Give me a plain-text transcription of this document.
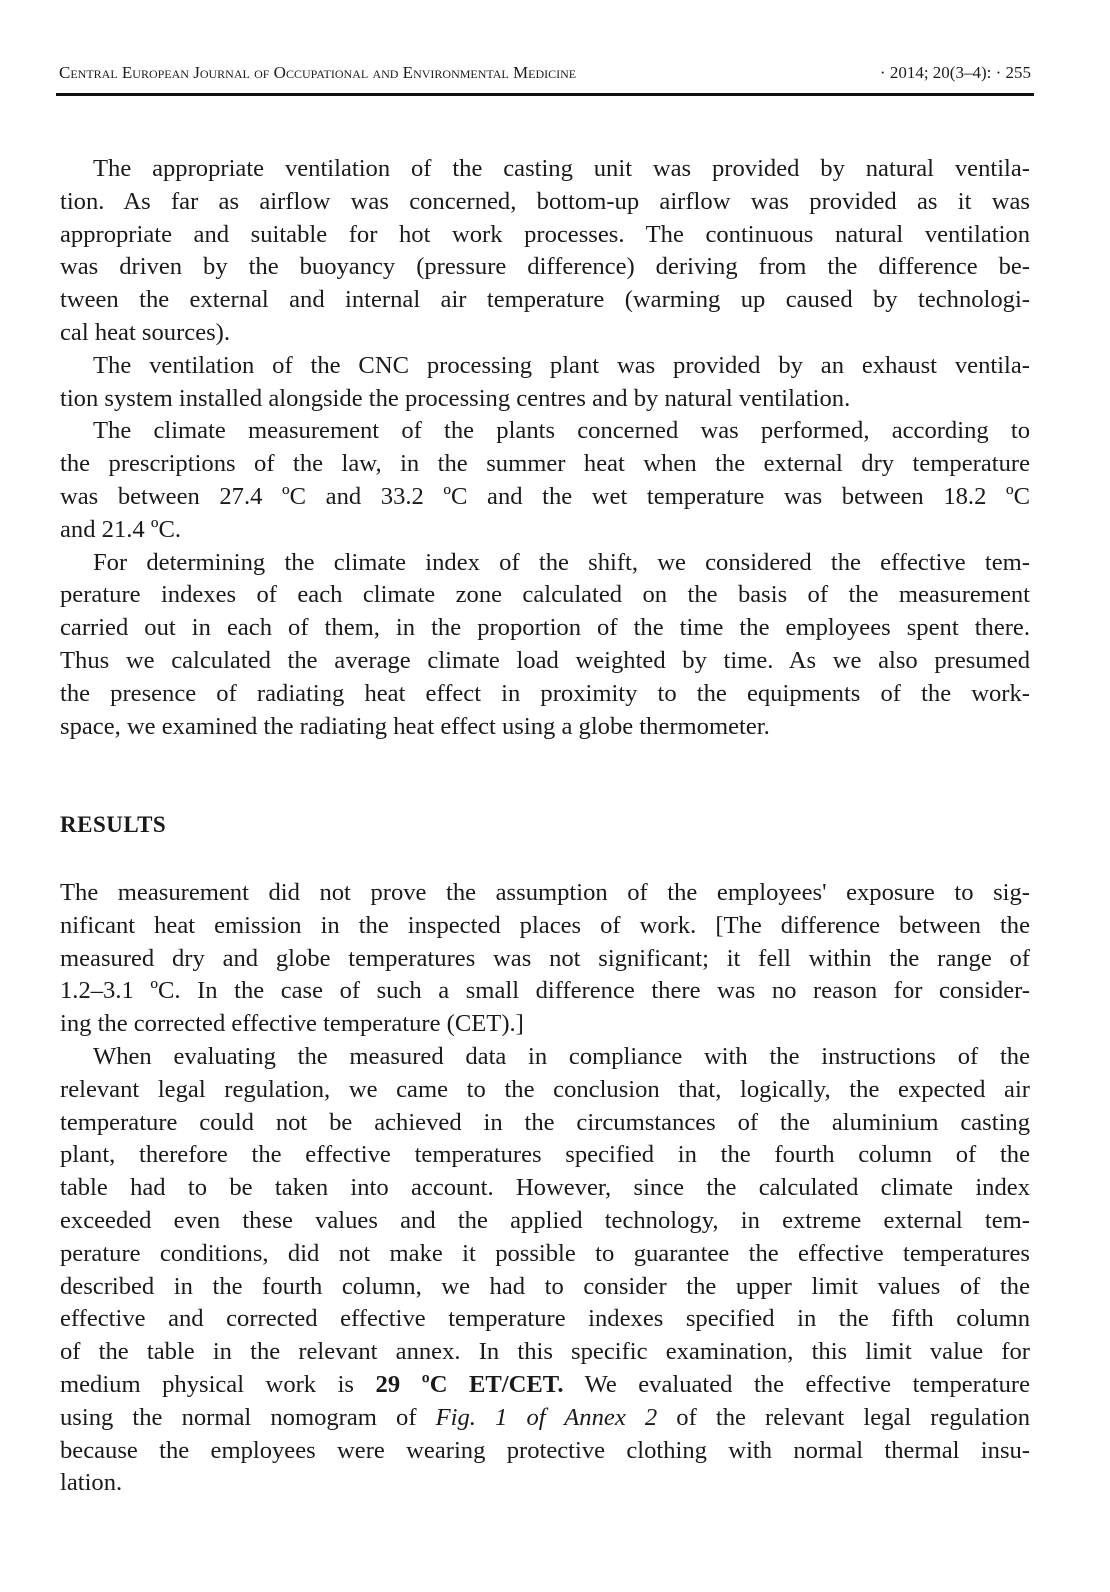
Central European Journal of Occupational and Environmental Medicine	· 2014; 20(3–4): · 255
The appropriate ventilation of the casting unit was provided by natural ventila-
tion. As far as airflow was concerned, bottom-up airflow was provided as it was
appropriate and suitable for hot work processes. The continuous natural ventilation
was driven by the buoyancy (pressure difference) deriving from the difference be-
tween the external and internal air temperature (warming up caused by technologi-
cal heat sources).
The ventilation of the CNC processing plant was provided by an exhaust ventila-
tion system installed alongside the processing centres and by natural ventilation.
The climate measurement of the plants concerned was performed, according to
the prescriptions of the law, in the summer heat when the external dry temperature
was between 27.4 ºC and 33.2 ºC and the wet temperature was between 18.2 ºC
and 21.4 ºC.
For determining the climate index of the shift, we considered the effective tem-
perature indexes of each climate zone calculated on the basis of the measurement
carried out in each of them, in the proportion of the time the employees spent there.
Thus we calculated the average climate load weighted by time. As we also presumed
the presence of radiating heat effect in proximity to the equipments of the work-
space, we examined the radiating heat effect using a globe thermometer.
RESULTS
The measurement did not prove the assumption of the employees' exposure to sig-
nificant heat emission in the inspected places of work. [The difference between the
measured dry and globe temperatures was not significant; it fell within the range of
1.2–3.1 ºC. In the case of such a small difference there was no reason for consider-
ing the corrected effective temperature (CET).]
When evaluating the measured data in compliance with the instructions of the
relevant legal regulation, we came to the conclusion that, logically, the expected air
temperature could not be achieved in the circumstances of the aluminium casting
plant, therefore the effective temperatures specified in the fourth column of the
table had to be taken into account. However, since the calculated climate index
exceeded even these values and the applied technology, in extreme external tem-
perature conditions, did not make it possible to guarantee the effective temperatures
described in the fourth column, we had to consider the upper limit values of the
effective and corrected effective temperature indexes specified in the fifth column
of the table in the relevant annex. In this specific examination, this limit value for
medium physical work is 29 ºC ET/CET. We evaluated the effective temperature
using the normal nomogram of Fig. 1 of Annex 2 of the relevant legal regulation
because the employees were wearing protective clothing with normal thermal insu-
lation.
